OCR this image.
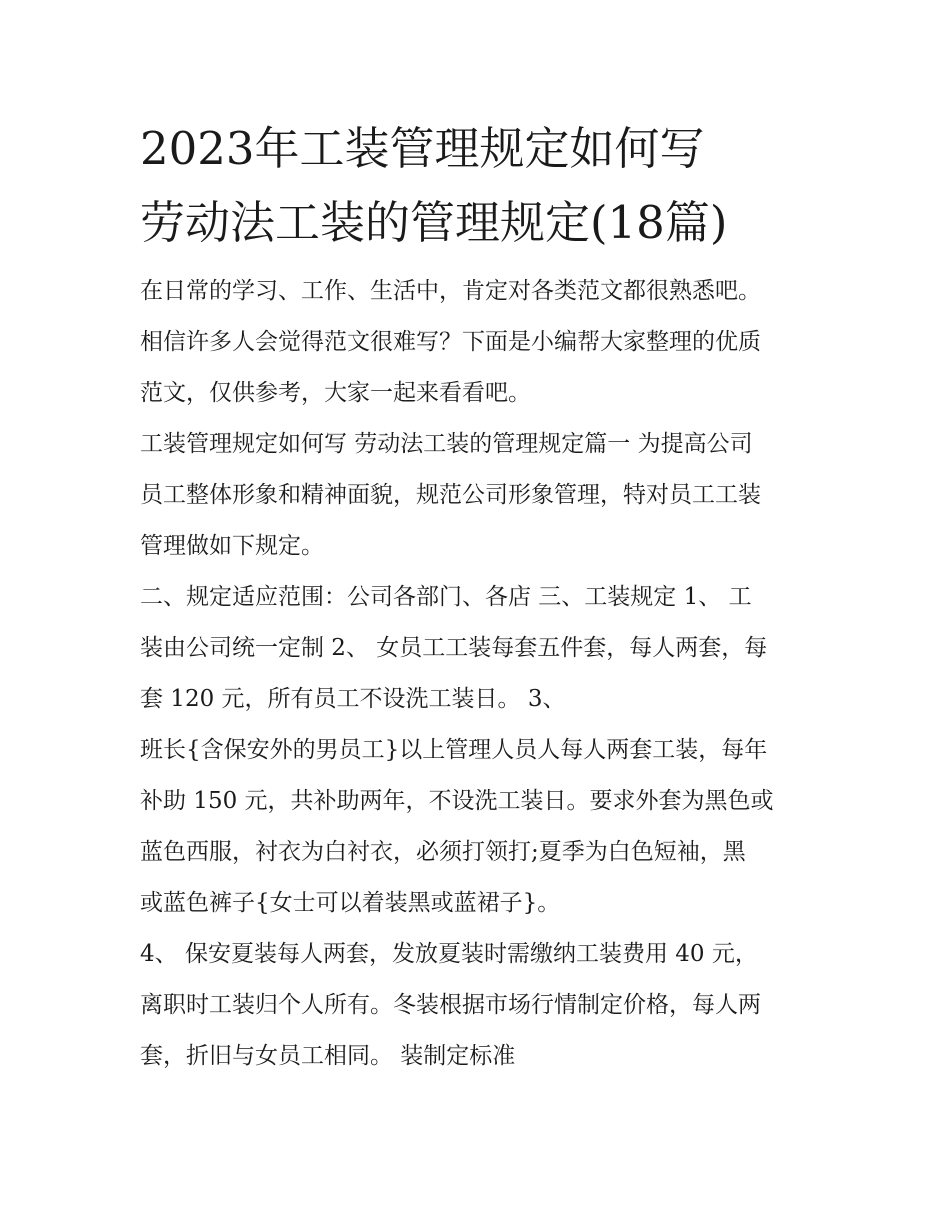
2023年工装管理规定如何写
劳动法工装的管理规定(18篇)

在日常的学习、工作、生活中，肯定对各类范文都很熟悉吧。
相信许多人会觉得范文很难写？下面是小编帮大家整理的优质
范文，仅供参考，大家一起来看看吧。

工装管理规定如何写 劳动法工装的管理规定篇一 为提高公司
员工整体形象和精神面貌，规范公司形象管理，特对员工工装
管理做如下规定。

二、规定适应范围：公司各部门、各店 三、工装规定 1、 工
装由公司统一定制 2、 女员工工装每套五件套，每人两套，每
套 120 元，所有员工不设洗工装日。 3、

班长{含保安外的男员工}以上管理人员人每人两套工装，每年
补助 150 元，共补助两年，不设洗工装日。要求外套为黑色或
蓝色西服，衬衣为白衬衣，必须打领打;夏季为白色短袖，黑
或蓝色裤子{女士可以着装黑或蓝裙子}。

4、 保安夏装每人两套，发放夏装时需缴纳工装费用 40 元，
离职时工装归个人所有。冬装根据市场行情制定价格，每人两
套，折旧与女员工相同。 装制定标准
